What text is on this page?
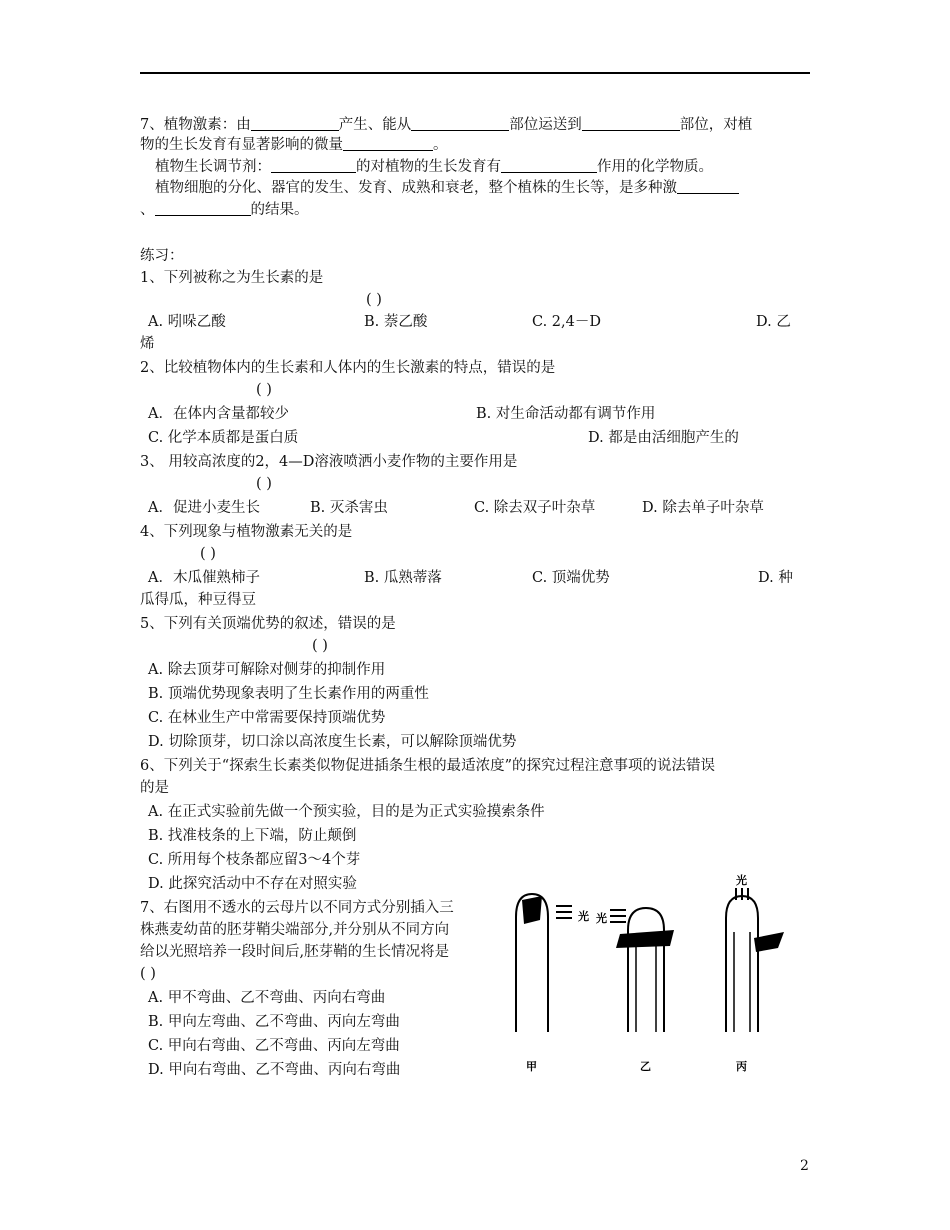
7、植物激素：由	产生、能从	部位运送到	部位，对植
物的生长发育有显著影响的微量	。
植物生长调节剂：	的对植物的生长发育有	作用的化学物质。
植物细胞的分化、器官的发生、发育、成熟和衰老，整个植株的生长等，是多种激
、	的结果。
练习：
1、下列被称之为生长素的是
( )
A. 吲哚乙酸	B. 萘乙酸	C. 2,4－D	D. 乙
烯
2、比较植物体内的生长素和人体内的生长激素的特点，错误的是
( )
A．在体内含量都较少	B. 对生命活动都有调节作用
C. 化学本质都是蛋白质	D. 都是由活细胞产生的
3、 用较高浓度的2，4—D溶液喷洒小麦作物的主要作用是
( )
A．促进小麦生长	B. 灭杀害虫	C. 除去双子叶杂草	D. 除去单子叶杂草
4、下列现象与植物激素无关的是
( )
A．木瓜催熟柿子	B. 瓜熟蒂落	C. 顶端优势	D. 种
瓜得瓜，种豆得豆
5、下列有关顶端优势的叙述，错误的是
( )
A. 除去顶芽可解除对侧芽的抑制作用
B. 顶端优势现象表明了生长素作用的两重性
C. 在林业生产中常需要保持顶端优势
D. 切除顶芽，切口涂以高浓度生长素，可以解除顶端优势
6、下列关于“探索生长素类似物促进插条生根的最适浓度”的探究过程注意事项的说法错误
的是
A. 在正式实验前先做一个预实验，目的是为正式实验摸索条件
B. 找准枝条的上下端，防止颠倒
C. 所用每个枝条都应留3～4个芽
D. 此探究活动中不存在对照实验
7、右图用不透水的云母片以不同方式分别插入三
株燕麦幼苗的胚芽鞘尖端部分,并分别从不同方向
给以光照培养一段时间后,胚芽鞘的生长情况将是
( )
A. 甲不弯曲、乙不弯曲、丙向右弯曲
B. 甲向左弯曲、乙不弯曲、丙向左弯曲
C. 甲向右弯曲、乙不弯曲、丙向左弯曲
D. 甲向右弯曲、乙不弯曲、丙向右弯曲
光 光
光
甲	乙	丙
2
